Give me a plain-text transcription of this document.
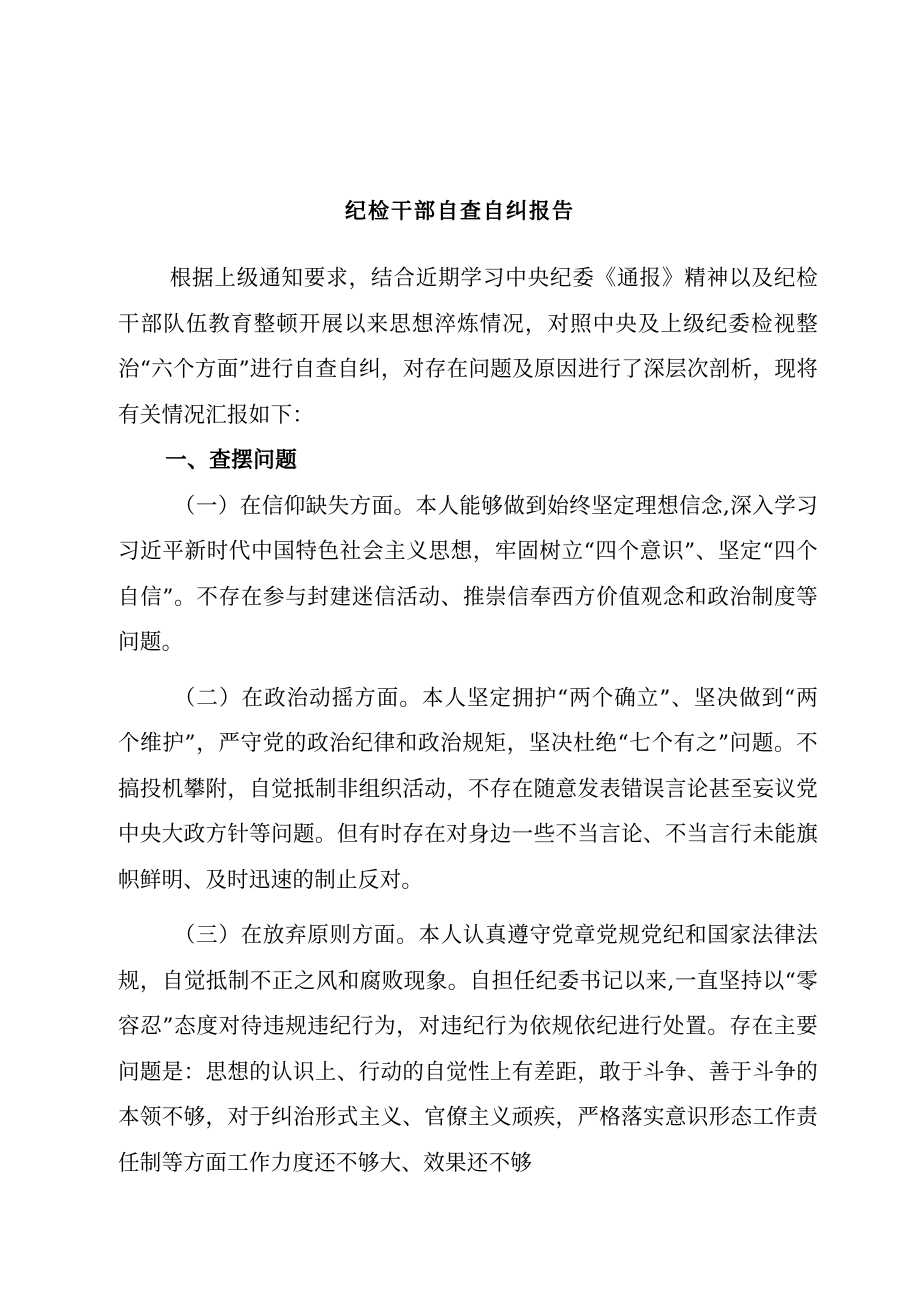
纪检干部自查自纠报告

根据上级通知要求，结合近期学习中央纪委《通报》精神以及纪检干部队伍教育整顿开展以来思想淬炼情况，对照中央及上级纪委检视整治“六个方面”进行自查自纠，对存在问题及原因进行了深层次剖析，现将有关情况汇报如下：

一、查摆问题

（一）在信仰缺失方面。本人能够做到始终坚定理想信念,深入学习习近平新时代中国特色社会主义思想，牢固树立“四个意识”、坚定“四个自信”。不存在参与封建迷信活动、推崇信奉西方价值观念和政治制度等问题。

（二）在政治动摇方面。本人坚定拥护“两个确立”、坚决做到“两个维护”，严守党的政治纪律和政治规矩，坚决杜绝“七个有之”问题。不搞投机攀附，自觉抵制非组织活动，不存在随意发表错误言论甚至妄议党中央大政方针等问题。但有时存在对身边一些不当言论、不当言行未能旗帜鲜明、及时迅速的制止反对。

（三）在放弃原则方面。本人认真遵守党章党规党纪和国家法律法规，自觉抵制不正之风和腐败现象。自担任纪委书记以来,一直坚持以“零容忍”态度对待违规违纪行为，对违纪行为依规依纪进行处置。存在主要问题是：思想的认识上、行动的自觉性上有差距，敢于斗争、善于斗争的本领不够，对于纠治形式主义、官僚主义顽疾，严格落实意识形态工作责任制等方面工作力度还不够大、效果还不够
